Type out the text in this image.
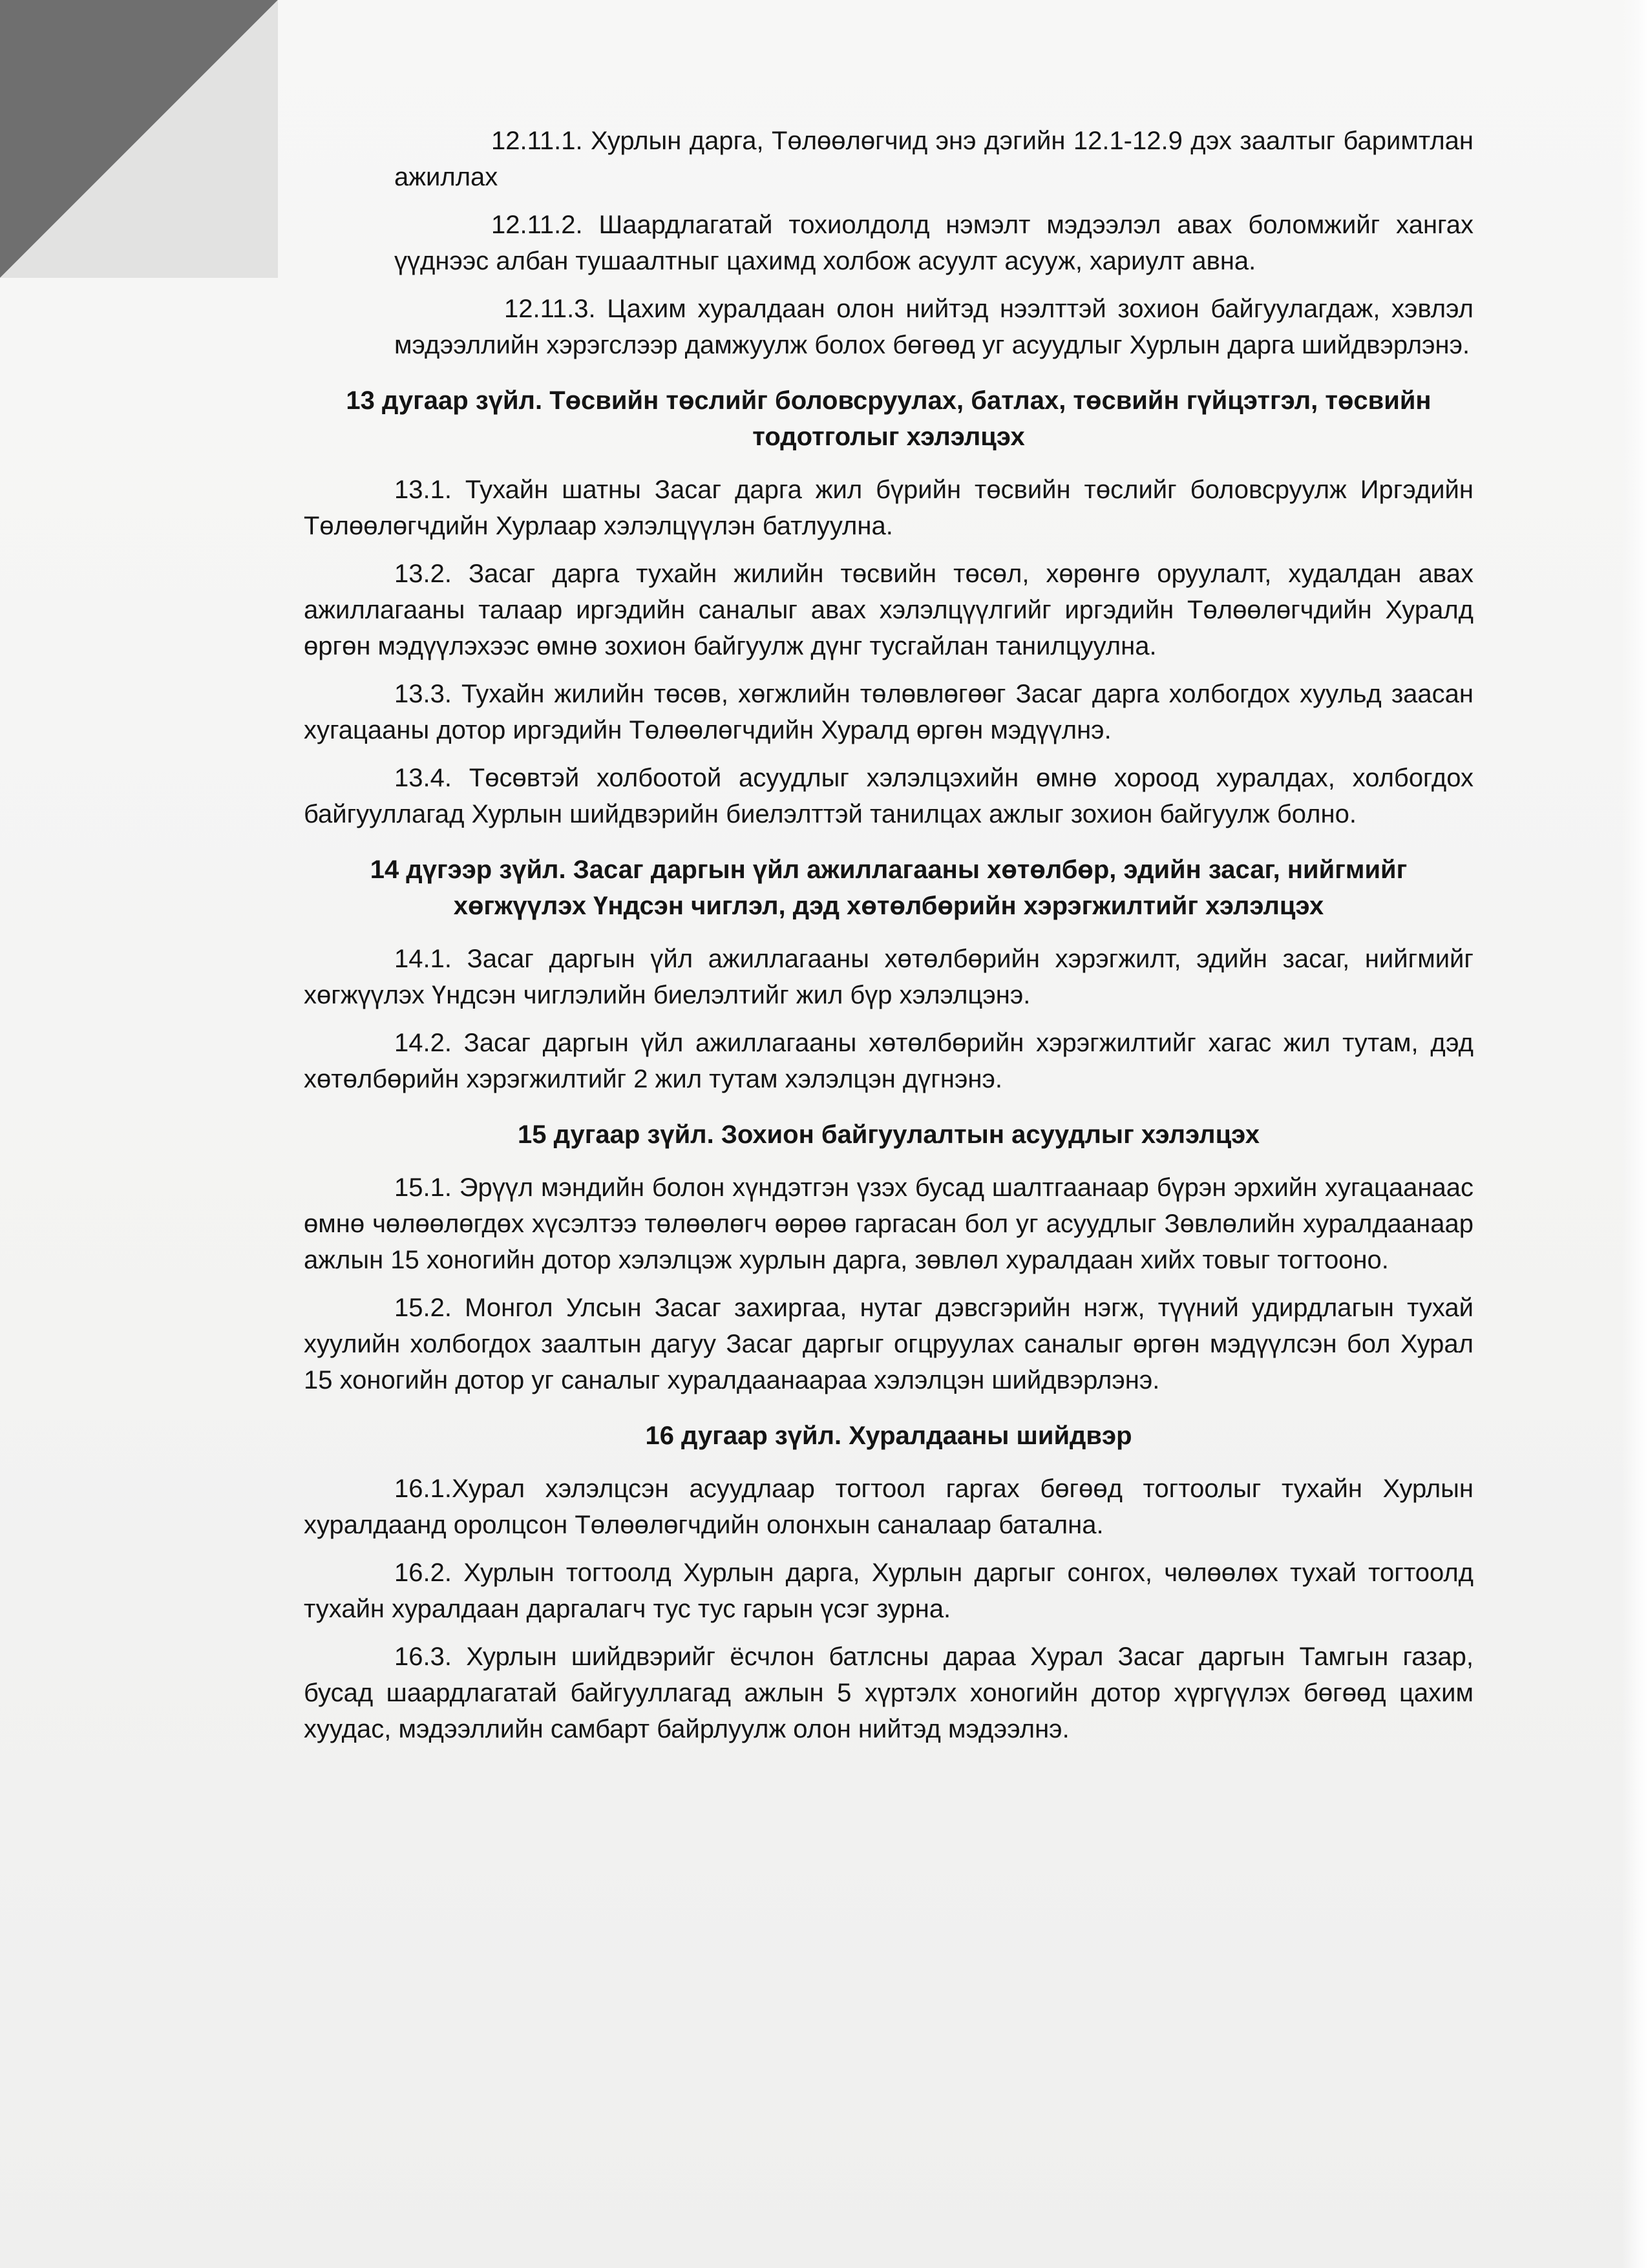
12.11.1. Хурлын дарга, Төлөөлөгчид энэ дэгийн 12.1-12.9 дэх заалтыг баримтлан ажиллах

12.11.2. Шаардлагатай тохиолдолд нэмэлт мэдээлэл авах боломжийг хангах үүднээс албан тушаалтныг цахимд холбож асуулт асууж, хариулт авна.

12.11.3. Цахим хуралдаан олон нийтэд нээлттэй зохион байгуулагдаж, хэвлэл мэдээллийн хэрэгслээр дамжуулж болох бөгөөд уг асуудлыг Хурлын дарга шийдвэрлэнэ.

13 дугаар зүйл. Төсвийн төслийг боловсруулах, батлах, төсвийн гүйцэтгэл, төсвийн тодотголыг хэлэлцэх

13.1. Тухайн шатны Засаг дарга жил бүрийн төсвийн төслийг боловсруулж Иргэдийн Төлөөлөгчдийн Хурлаар хэлэлцүүлэн батлуулна.

13.2. Засаг дарга тухайн жилийн төсвийн төсөл, хөрөнгө оруулалт, худалдан авах ажиллагааны талаар иргэдийн саналыг авах хэлэлцүүлгийг иргэдийн Төлөөлөгчдийн Хуралд өргөн мэдүүлэхээс өмнө зохион байгуулж дүнг тусгайлан танилцуулна.

13.3. Тухайн жилийн төсөв, хөгжлийн төлөвлөгөөг Засаг дарга холбогдох хуульд заасан хугацааны дотор иргэдийн Төлөөлөгчдийн Хуралд өргөн мэдүүлнэ.

13.4. Төсөвтэй холбоотой асуудлыг хэлэлцэхийн өмнө хороод хуралдах, холбогдох байгууллагад Хурлын шийдвэрийн биелэлттэй танилцах ажлыг зохион байгуулж болно.

14 дүгээр зүйл. Засаг даргын үйл ажиллагааны хөтөлбөр, эдийн засаг, нийгмийг хөгжүүлэх Үндсэн чиглэл, дэд хөтөлбөрийн хэрэгжилтийг хэлэлцэх

14.1. Засаг даргын үйл ажиллагааны хөтөлбөрийн хэрэгжилт, эдийн засаг, нийгмийг хөгжүүлэх Үндсэн чиглэлийн биелэлтийг жил бүр хэлэлцэнэ.

14.2. Засаг даргын үйл ажиллагааны хөтөлбөрийн хэрэгжилтийг хагас жил тутам, дэд хөтөлбөрийн хэрэгжилтийг 2 жил тутам хэлэлцэн дүгнэнэ.

15 дугаар зүйл. Зохион байгуулалтын асуудлыг хэлэлцэх

15.1. Эрүүл мэндийн болон хүндэтгэн үзэх бусад шалтгаанаар бүрэн эрхийн хугацаанаас өмнө чөлөөлөгдөх хүсэлтээ төлөөлөгч өөрөө гаргасан бол уг асуудлыг Зөвлөлийн хуралдаанаар ажлын 15 хоногийн дотор хэлэлцэж хурлын дарга, зөвлөл хуралдаан хийх товыг тогтооно.

15.2. Монгол Улсын Засаг захиргаа, нутаг дэвсгэрийн нэгж, түүний удирдлагын тухай хуулийн холбогдох заалтын дагуу Засаг даргыг огцруулах саналыг өргөн мэдүүлсэн бол Хурал 15 хоногийн дотор уг саналыг хуралдаанаараа хэлэлцэн шийдвэрлэнэ.

16 дугаар зүйл. Хуралдааны шийдвэр

16.1.Хурал хэлэлцсэн асуудлаар тогтоол гаргах бөгөөд тогтоолыг тухайн Хурлын хуралдаанд оролцсон Төлөөлөгчдийн олонхын саналаар батална.

16.2. Хурлын тогтоолд Хурлын дарга, Хурлын даргыг сонгох, чөлөөлөх тухай тогтоолд тухайн хуралдаан даргалагч тус тус гарын үсэг зурна.

16.3. Хурлын шийдвэрийг ёсчлон батлсны дараа Хурал Засаг даргын Тамгын газар, бусад шаардлагатай байгууллагад ажлын 5 хүртэлх хоногийн дотор хүргүүлэх бөгөөд цахим хуудас, мэдээллийн самбарт байрлуулж олон нийтэд мэдээлнэ.
